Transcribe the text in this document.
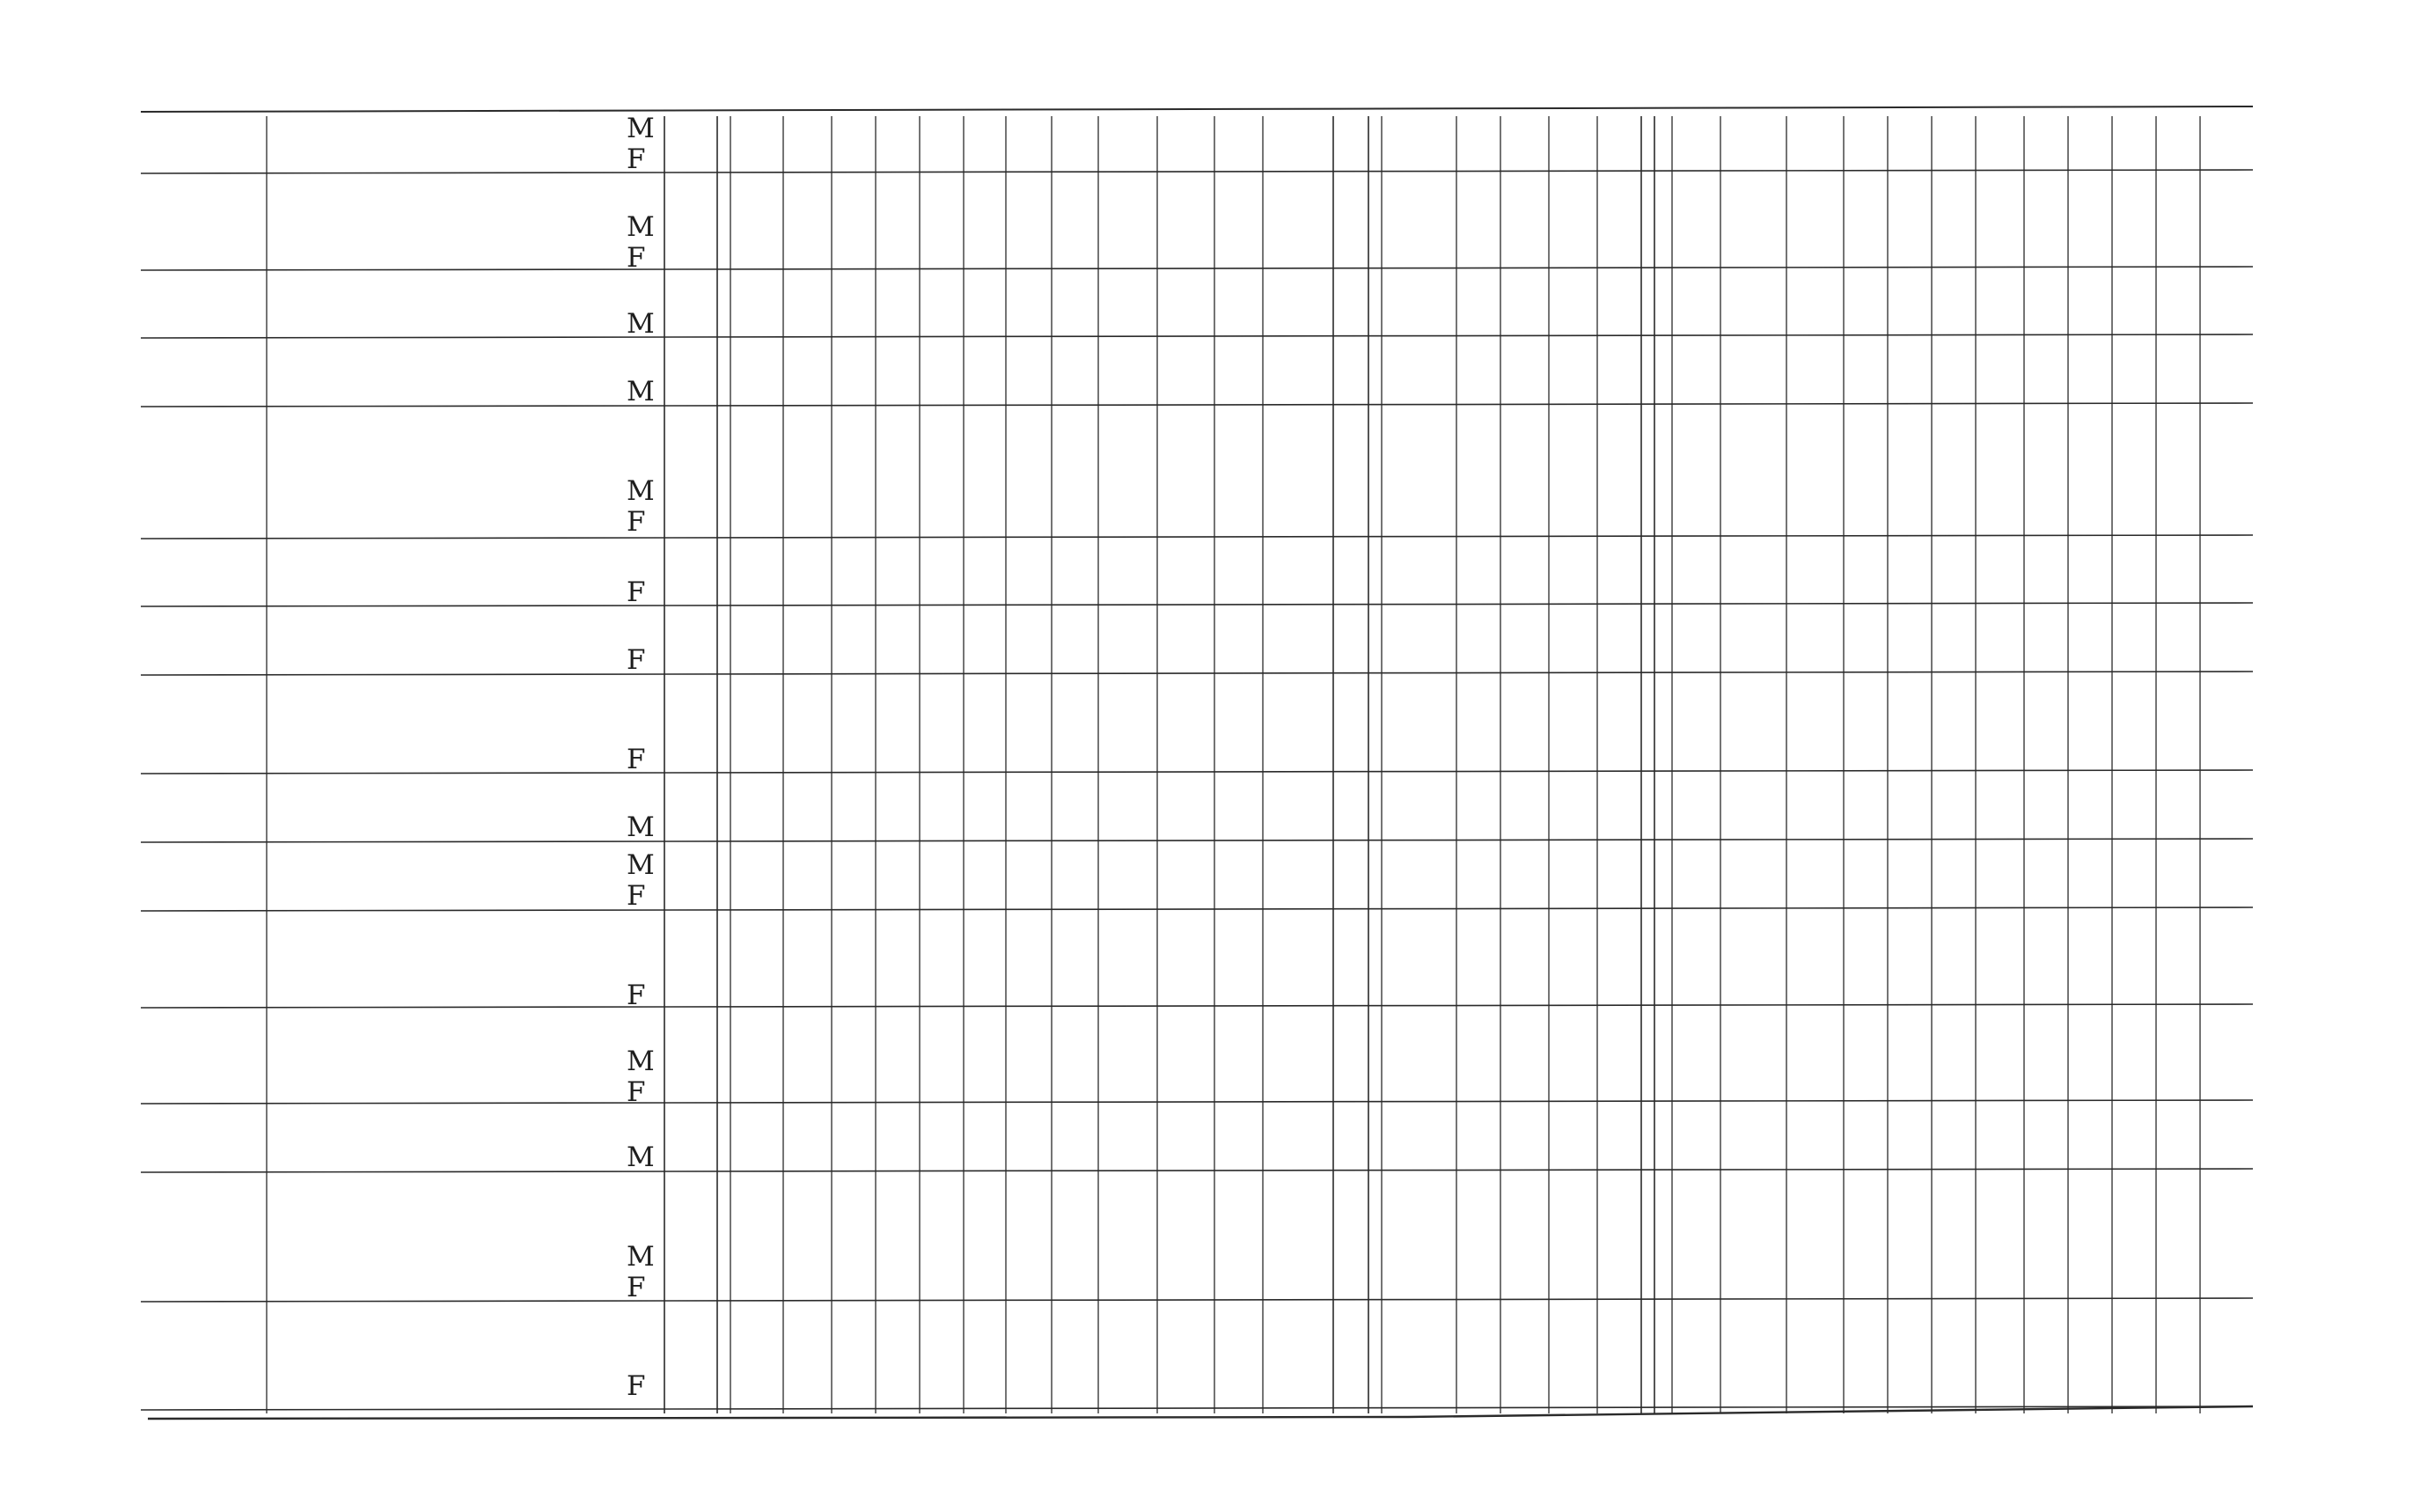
M
F
M
F
M
M
M
F
F
F
F
M
M
F
F
M
F
M
M
F
F
